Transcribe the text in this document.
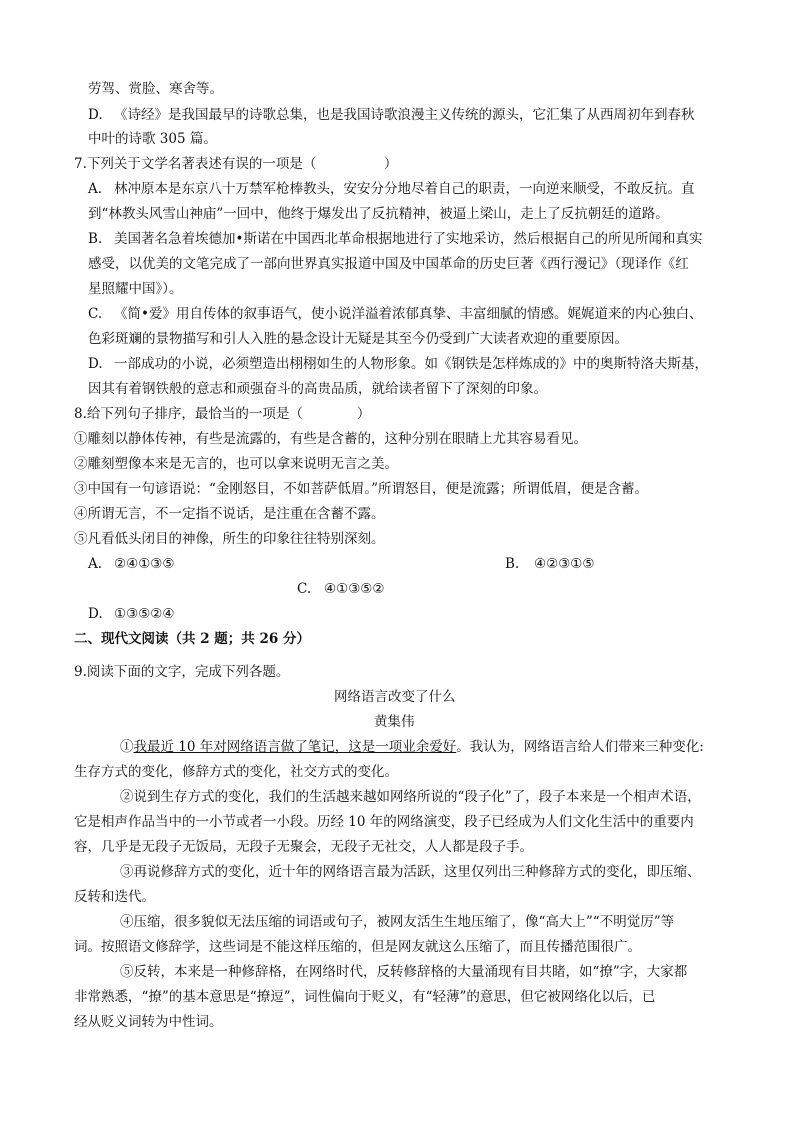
劳驾、赏脸、寒舍等。
D. 《诗经》是我国最早的诗歌总集，也是我国诗歌浪漫主义传统的源头，它汇集了从西周初年到春秋
中叶的诗歌 305 篇。
7.下列关于文学名著表述有误的一项是（　　　　　）
A. 林冲原本是东京八十万禁军枪棒教头，安安分分地尽着自己的职责，一向逆来顺受，不敢反抗。直
到“林教头风雪山神庙”一回中，他终于爆发出了反抗精神，被逼上梁山，走上了反抗朝廷的道路。
B. 美国著名急着埃德加•斯诺在中国西北革命根据地进行了实地采访，然后根据自己的所见所闻和真实
感受，以优美的文笔完成了一部向世界真实报道中国及中国革命的历史巨著《西行漫记》（现译作《红
星照耀中国》）。
C. 《简•爱》用自传体的叙事语气，使小说洋溢着浓郁真挚、丰富细腻的情感。娓娓道来的内心独白、
色彩斑斓的景物描写和引人入胜的悬念设计无疑是其至今仍受到广大读者欢迎的重要原因。
D. 一部成功的小说，必须塑造出栩栩如生的人物形象。如《钢铁是怎样炼成的》中的奥斯特洛夫斯基，
因其有着钢铁般的意志和顽强奋斗的高贵品质，就给读者留下了深刻的印象。
8.给下列句子排序，最恰当的一项是（　　　　）
①雕刻以静体传神，有些是流露的，有些是含蓄的，这种分别在眼睛上尤其容易看见。
②雕刻塑像本来是无言的，也可以拿来说明无言之美。
③中国有一句谚语说：“金刚怒目，不如菩萨低眉。”所谓怒目，便是流露；所谓低眉，便是含蓄。
④所谓无言，不一定指不说话，是注重在含蓄不露。
⑤凡看低头闭目的神像，所生的印象往往特别深刻。
A. ②④①③⑤	B. ④②③①⑤
C. ④①③⑤②
D. ①③⑤②④
二、现代文阅读（共 2 题；共 26 分）
9.阅读下面的文字，完成下列各题。
网络语言改变了什么
黄集伟
①我最近 10 年对网络语言做了笔记，这是一项业余爱好。我认为，网络语言给人们带来三种变化:
生存方式的变化，修辞方式的变化，社交方式的变化。
②说到生存方式的变化，我们的生活越来越如网络所说的“段子化”了，段子本来是一个相声术语，
它是相声作品当中的一小节或者一小段。历经 10 年的网络演变，段子已经成为人们文化生活中的重要内
容，几乎是无段子无饭局，无段子无聚会，无段子无社交，人人都是段子手。
③再说修辞方式的变化，近十年的网络语言最为活跃，这里仅列出三种修辞方式的变化，即压缩、
反转和迭代。
④压缩，很多貌似无法压缩的词语或句子，被网友活生生地压缩了，像“高大上”“不明觉厉”等
词。按照语文修辞学，这些词是不能这样压缩的，但是网友就这么压缩了，而且传播范围很广。
⑤反转，本来是一种修辞格，在网络时代，反转修辞格的大量涌现有目共睹，如“撩”字，大家都
非常熟悉，“撩”的基本意思是“撩逗”，词性偏向于贬义，有“轻薄”的意思，但它被网络化以后，已
经从贬义词转为中性词。
